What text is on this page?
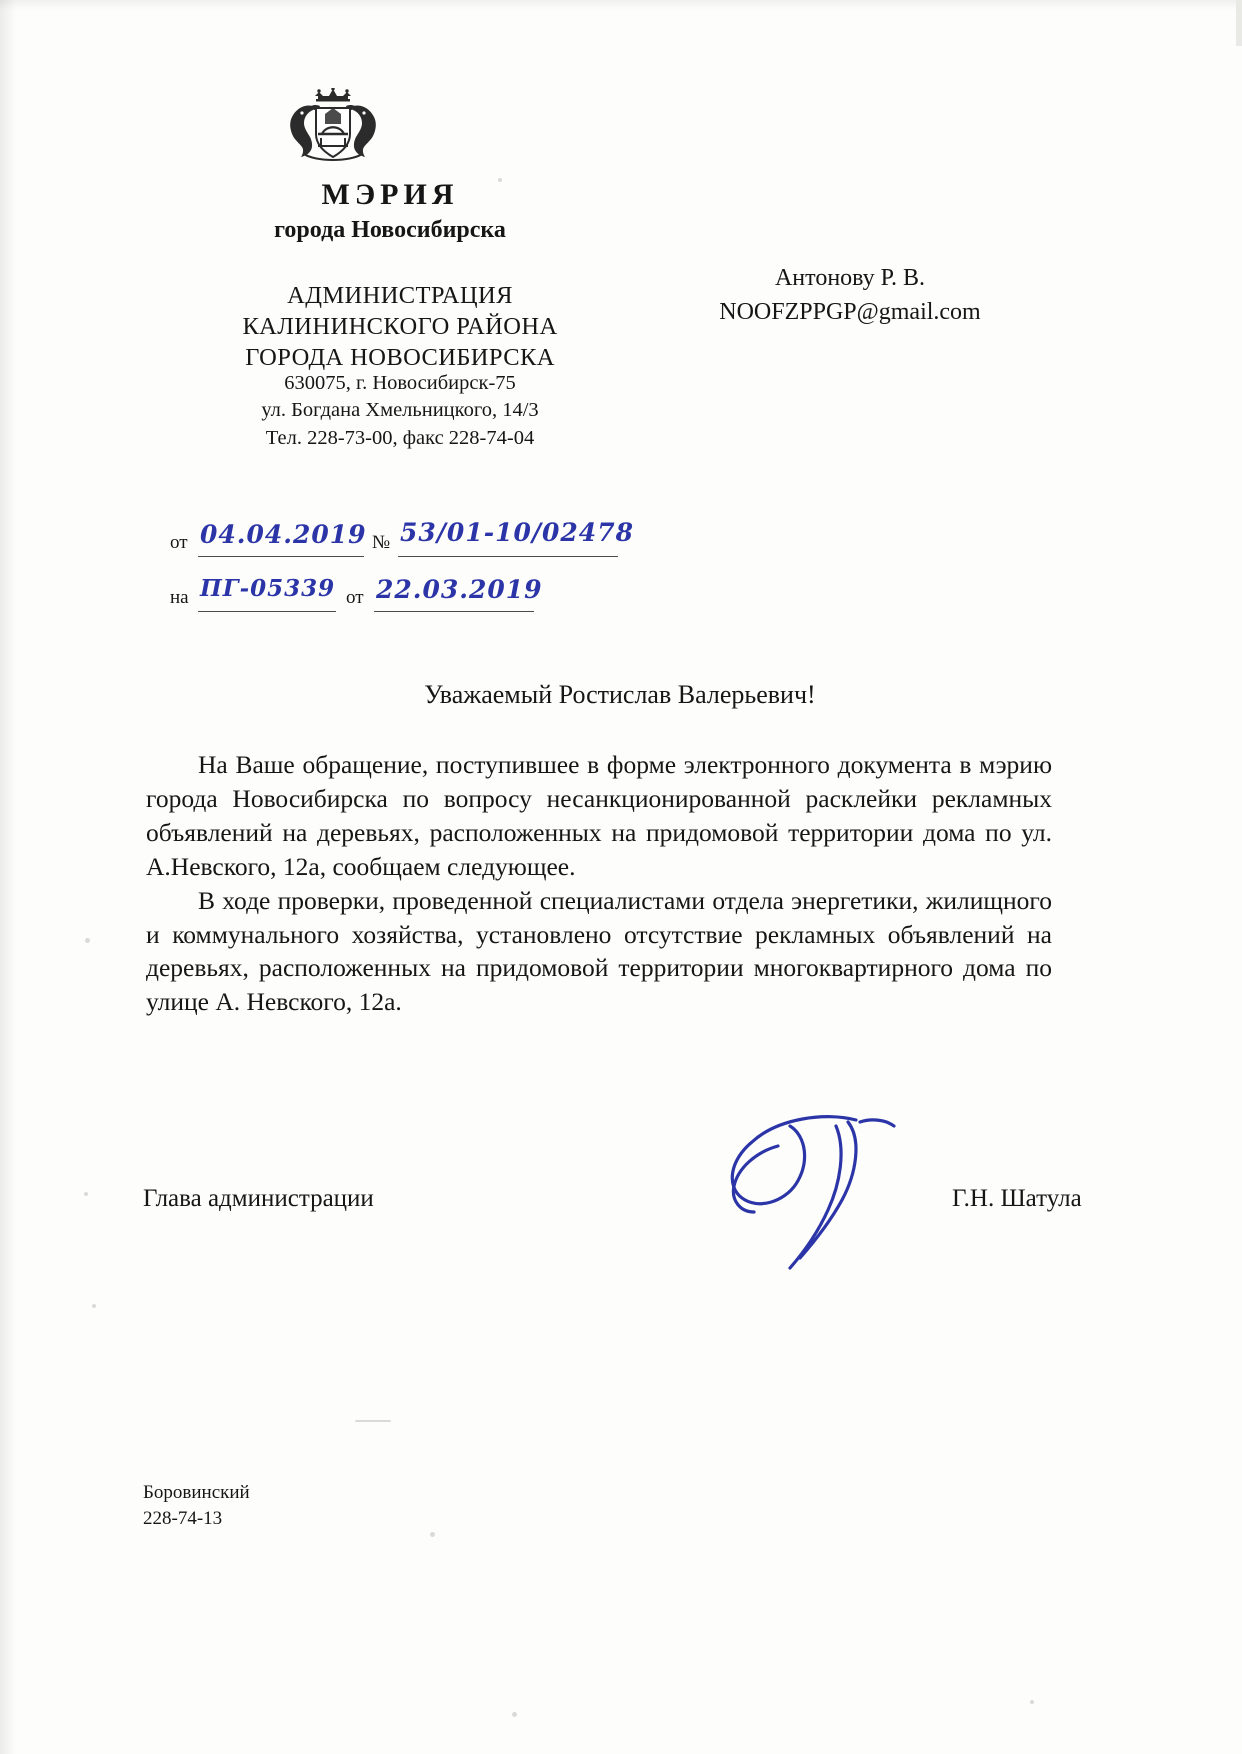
МЭРИЯ
города Новосибирска
АДМИНИСТРАЦИЯ
КАЛИНИНСКОГО РАЙОНА
ГОРОДА НОВОСИБИРСКА
630075, г. Новосибирск-75
ул. Богдана Хмельницкого, 14/3
Тел. 228-73-00, факс 228-74-04
Антонову Р. В.
NOOFZPPGP@gmail.com
от 04.04.2019 № 53/01-10/02478
на ПГ-05339 от 22.03.2019
Уважаемый Ростислав Валерьевич!

На Ваше обращение, поступившее в форме электронного документа в мэрию города Новосибирска по вопросу несанкционированной расклейки рекламных объявлений на деревьях, расположенных на придомовой территории дома по ул. А.Невского, 12а, сообщаем следующее.

В ходе проверки, проведенной специалистами отдела энергетики, жилищного и коммунального хозяйства, установлено отсутствие рекламных объявлений на деревьях, расположенных на придомовой территории многоквартирного дома по улице А. Невского, 12а.

Глава администрации	Г.Н. Шатула
Боровинский
228-74-13
